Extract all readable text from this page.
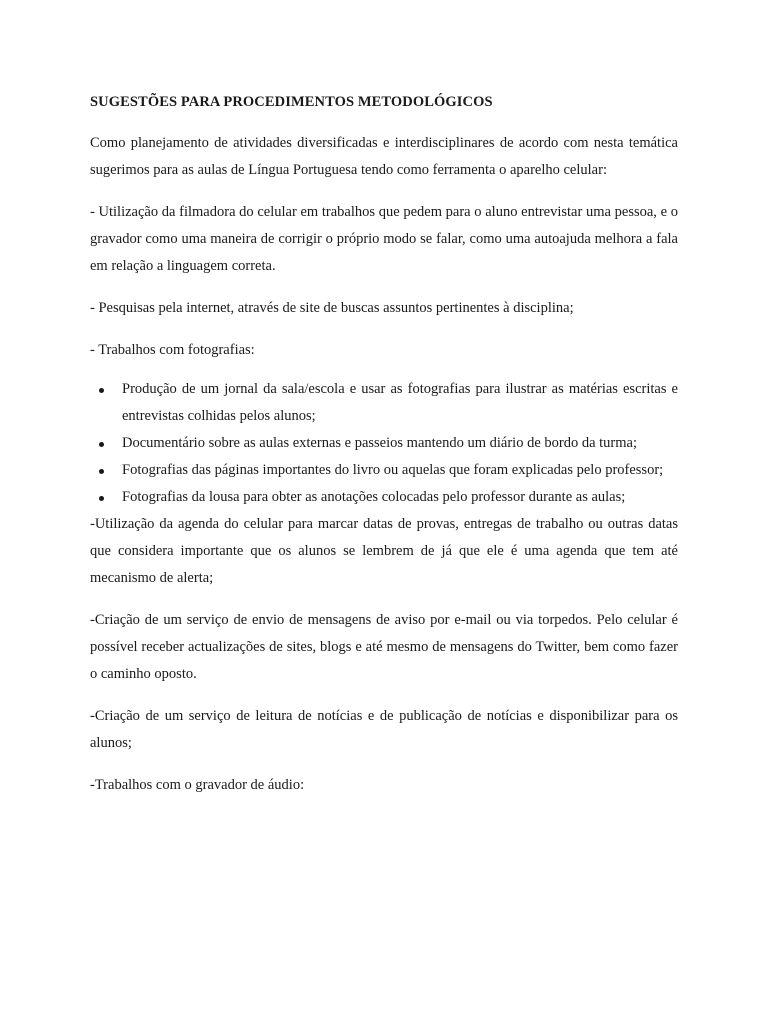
SUGESTÕES PARA PROCEDIMENTOS METODOLÓGICOS

Como planejamento de atividades diversificadas e interdisciplinares de acordo com nesta temática sugerimos para as aulas de Língua Portuguesa tendo como ferramenta o aparelho celular:

- Utilização da filmadora do celular em trabalhos que pedem para o aluno entrevistar uma pessoa, e o gravador como uma maneira de corrigir o próprio modo se falar, como uma autoajuda melhora a fala em relação a linguagem correta.

- Pesquisas pela internet, através de site de buscas assuntos pertinentes à disciplina;

- Trabalhos com fotografias:

Produção de um jornal da sala/escola e usar as fotografias para ilustrar as matérias escritas e entrevistas colhidas pelos alunos;
Documentário sobre as aulas externas e passeios mantendo um diário de bordo da turma;
Fotografias das páginas importantes do livro ou aquelas que foram explicadas pelo professor;
Fotografias da lousa para obter as anotações colocadas pelo professor durante as aulas;

-Utilização da agenda do celular para marcar datas de provas, entregas de trabalho ou outras datas que considera importante que os alunos se lembrem de já que ele é uma agenda que tem até mecanismo de alerta;

-Criação de um serviço de envio de mensagens de aviso por e-mail ou via torpedos. Pelo celular é possível receber actualizações de sites, blogs e até mesmo de mensagens do Twitter, bem como fazer o caminho oposto.

-Criação de um serviço de leitura de notícias e de publicação de notícias e disponibilizar para os alunos;

-Trabalhos com o gravador de áudio:
